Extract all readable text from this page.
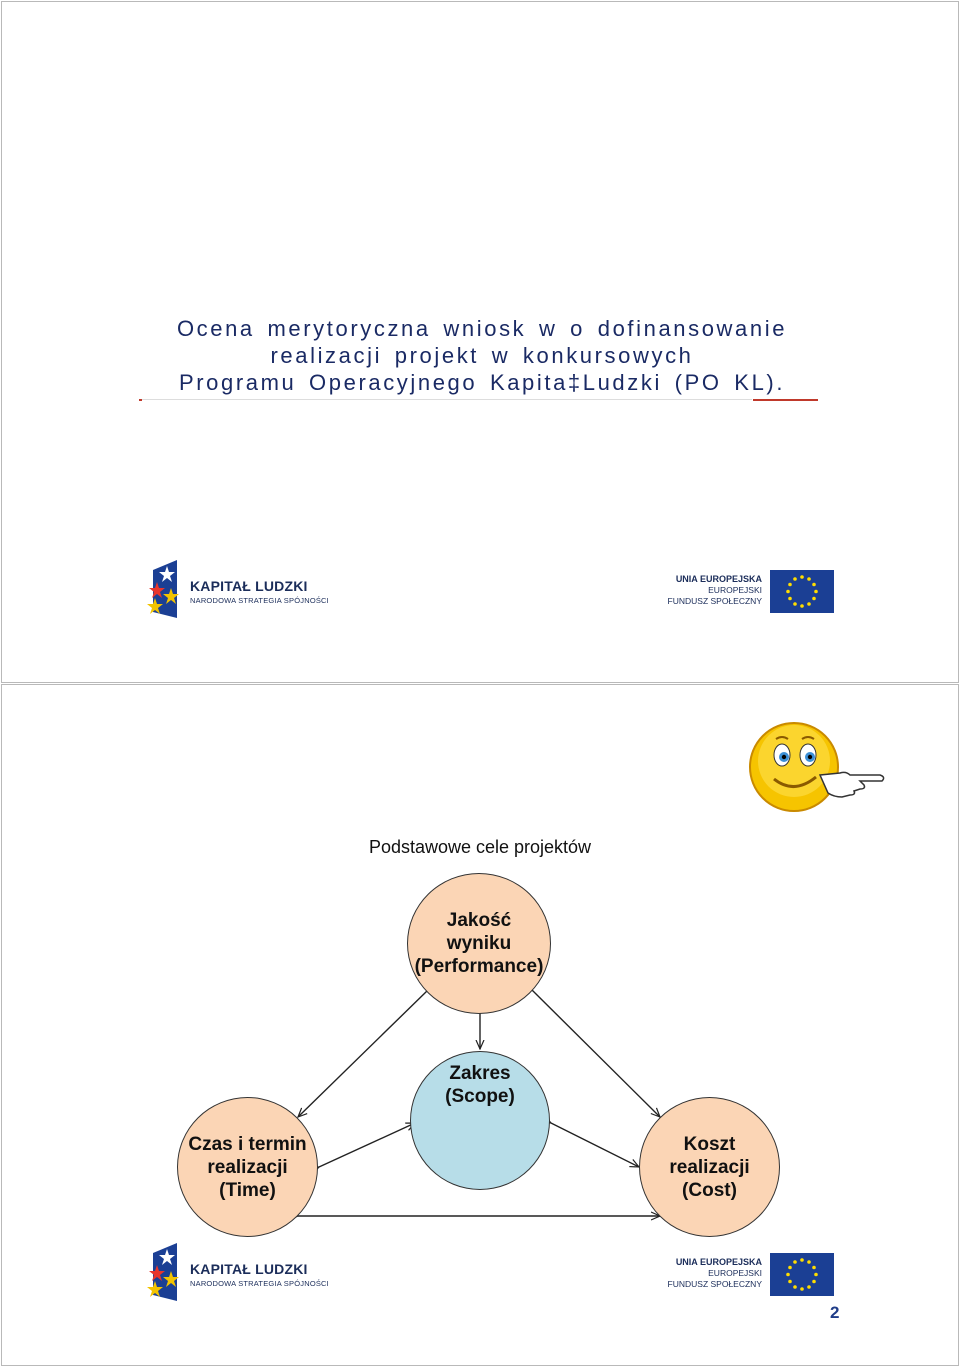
Ocena merytoryczna wniosk w o dofinansowanie
realizacji projekt w konkursowych
Programu Operacyjnego Kapita‡Ludzki (PO KL).
KAPITAŁ LUDZKI
NARODOWA STRATEGIA SPÓJNOŚCI
UNIA EUROPEJSKA
EUROPEJSKI
FUNDUSZ SPOŁECZNY
Podstawowe cele projektów
Jakość
wyniku
(Performance)
Zakres
(Scope)
Czas i termin
realizacji
(Time)
Koszt
realizacji
(Cost)
KAPITAŁ LUDZKI
NARODOWA STRATEGIA SPÓJNOŚCI
UNIA EUROPEJSKA
EUROPEJSKI
FUNDUSZ SPOŁECZNY
2
